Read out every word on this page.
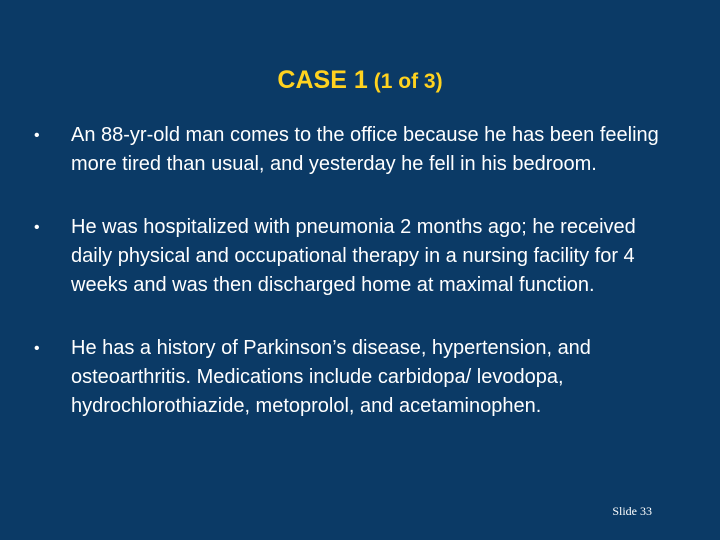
CASE 1 (1 of 3)
• An 88-yr-old man comes to the office because he has been feeling more tired than usual, and yesterday he fell in his bedroom.
• He was hospitalized with pneumonia 2 months ago; he received daily physical and occupational therapy in a nursing facility for 4 weeks and was then discharged home at maximal function.
• He has a history of Parkinson’s disease, hypertension, and osteoarthritis. Medications include carbidopa/ levodopa, hydrochlorothiazide, metoprolol, and acetaminophen.
Slide 33
